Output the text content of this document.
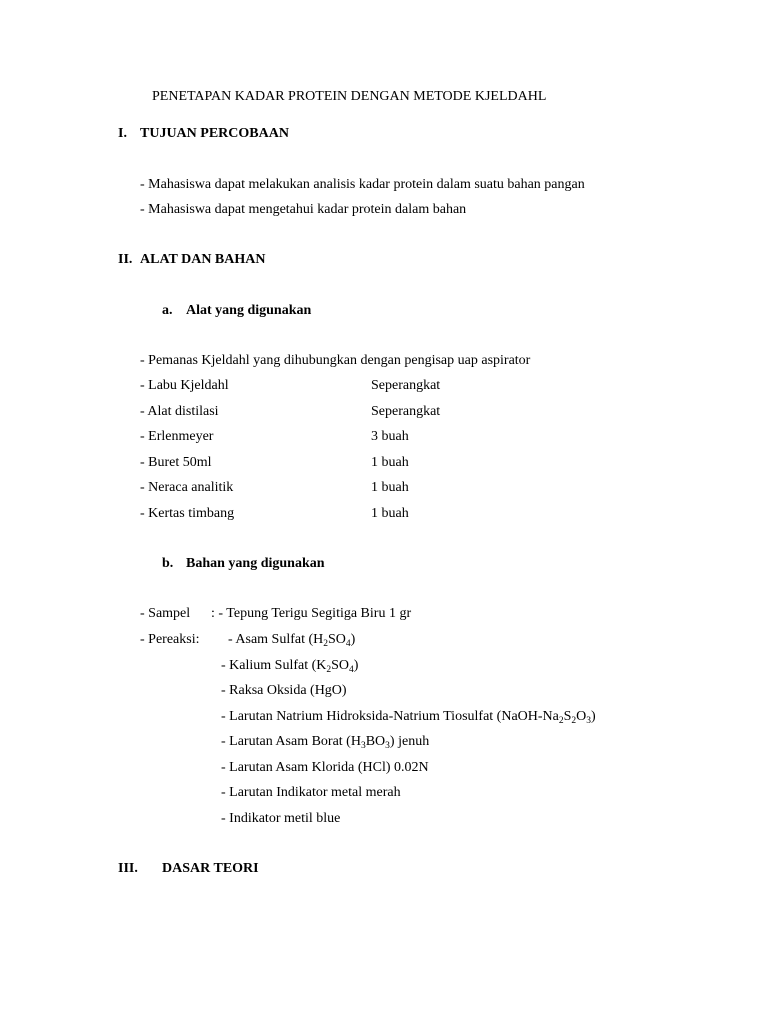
PENETAPAN KADAR PROTEIN DENGAN METODE KJELDAHL
I. TUJUAN PERCOBAAN
- Mahasiswa dapat melakukan analisis kadar protein dalam suatu bahan pangan
- Mahasiswa dapat mengetahui kadar protein dalam bahan
II. ALAT DAN BAHAN
a. Alat yang digunakan
- Pemanas Kjeldahl yang dihubungkan dengan pengisap uap aspirator
- Labu Kjeldahl	Seperangkat
- Alat distilasi	Seperangkat
- Erlenmeyer	3 buah
- Buret 50ml	1 buah
- Neraca analitik	1 buah
- Kertas timbang	1 buah
b. Bahan yang digunakan
- Sampel : - Tepung Terigu Segitiga Biru 1 gr
- Pereaksi: - Asam Sulfat $(H_2SO_4)$
- Kalium Sulfat $(K_2SO_4)$
- Raksa Oksida (HgO)
- Larutan Natrium Hidroksida-Natrium Tiosulfat $(NaOH-Na_2S_2O_3)$
- Larutan Asam Borat $(H_3BO_3)$ jenuh
- Larutan Asam Klorida (HCl) 0.02N
- Larutan Indikator metal merah
- Indikator metil blue
III. DASAR TEORI
